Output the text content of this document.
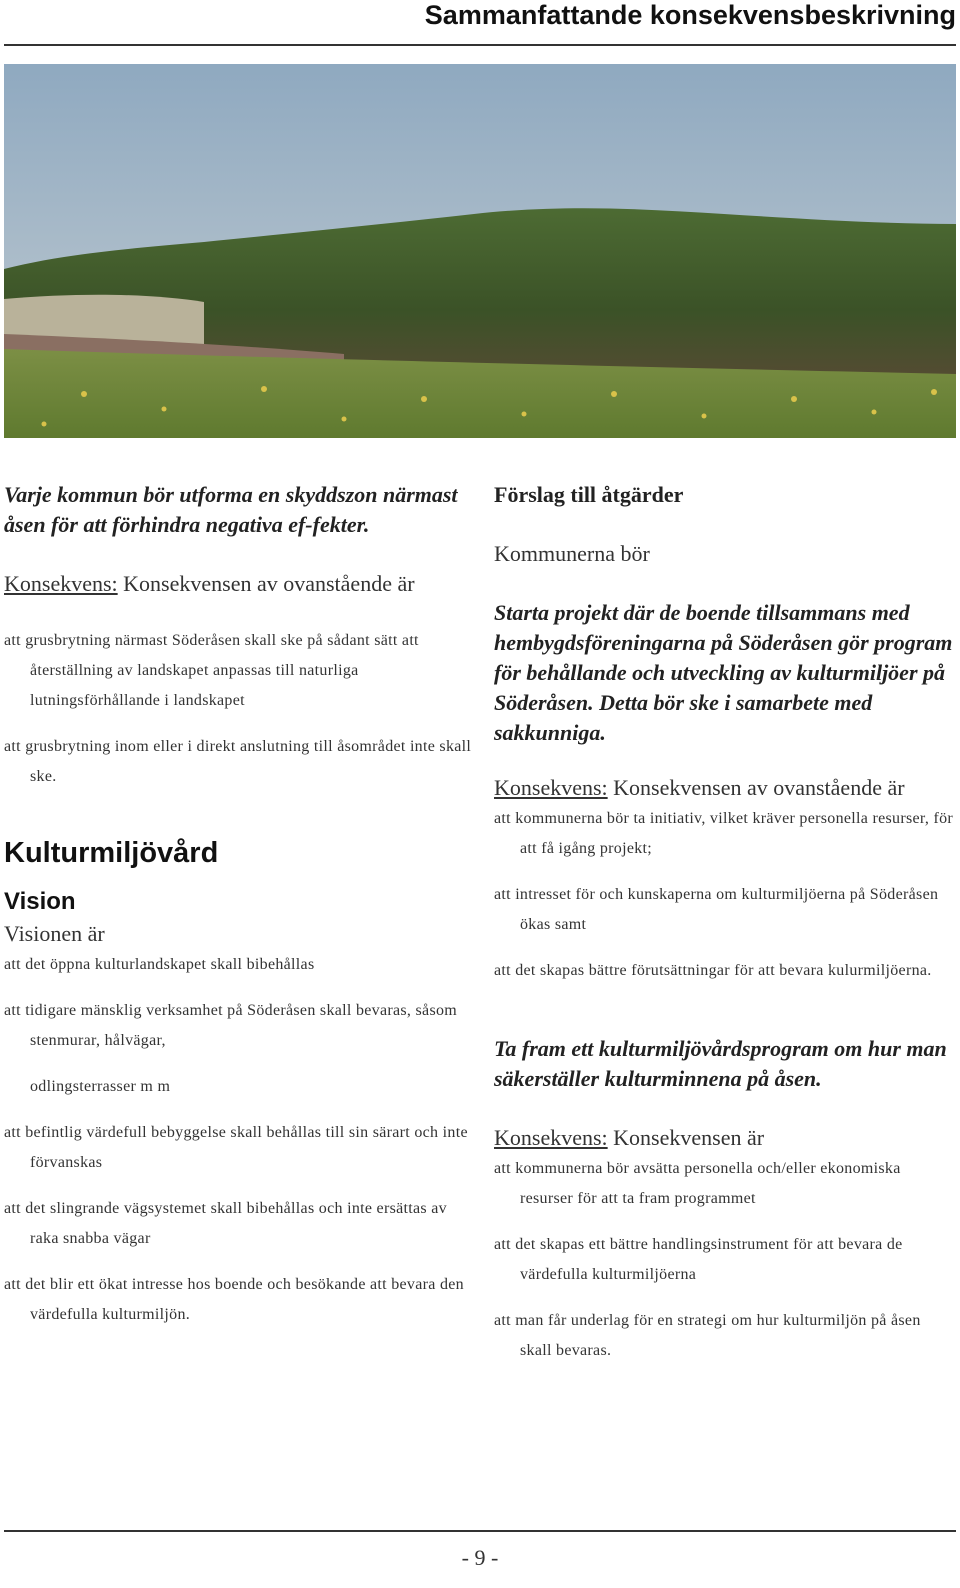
Sammanfattande konsekvensbeskrivning

Varje kommun bör utforma en skyddszon närmast åsen för att förhindra negativa ef-fekter.

Konsekvens: Konsekvensen av ovanstående är

att grusbrytning närmast Söderåsen skall ske på sådant sätt att återställning av landskapet anpassas till naturliga lutningsförhållande i landskapet

att grusbrytning inom eller i direkt anslutning till åsområdet inte skall ske.

Kulturmiljövård
Vision

Visionen är

att det öppna kulturlandskapet skall bibehållas

att tidigare mänsklig verksamhet på Söderåsen skall bevaras, såsom stenmurar, hålvägar,

odlingsterrasser m m

att befintlig värdefull bebyggelse skall behållas till sin särart och inte förvanskas

att det slingrande vägsystemet skall bibehållas och inte ersättas av raka snabba vägar

att det blir ett ökat intresse hos boende och besökande att bevara den värdefulla kulturmiljön.

Förslag till åtgärder

Kommunerna bör

Starta projekt där de boende tillsammans med hembygdsföreningarna på Söderåsen gör program för behållande och utveckling av kulturmiljöer på Söderåsen. Detta bör ske i samarbete med sakkunniga.

Konsekvens: Konsekvensen av ovanstående är

att kommunerna bör ta initiativ, vilket kräver personella resurser, för att få igång projekt;

att intresset för och kunskaperna om kulturmiljöerna på Söderåsen ökas samt

att det skapas bättre förutsättningar för att bevara kulurmiljöerna.

Ta fram ett kulturmiljövårdsprogram om hur man säkerställer kulturminnena på åsen.

Konsekvens: Konsekvensen är

att kommunerna bör avsätta personella och/eller ekonomiska resurser för att ta fram programmet

att det skapas ett bättre handlingsinstrument för att bevara de värdefulla kulturmiljöerna

att man får underlag för en strategi om hur kulturmiljön på åsen skall bevaras.

- 9 -
